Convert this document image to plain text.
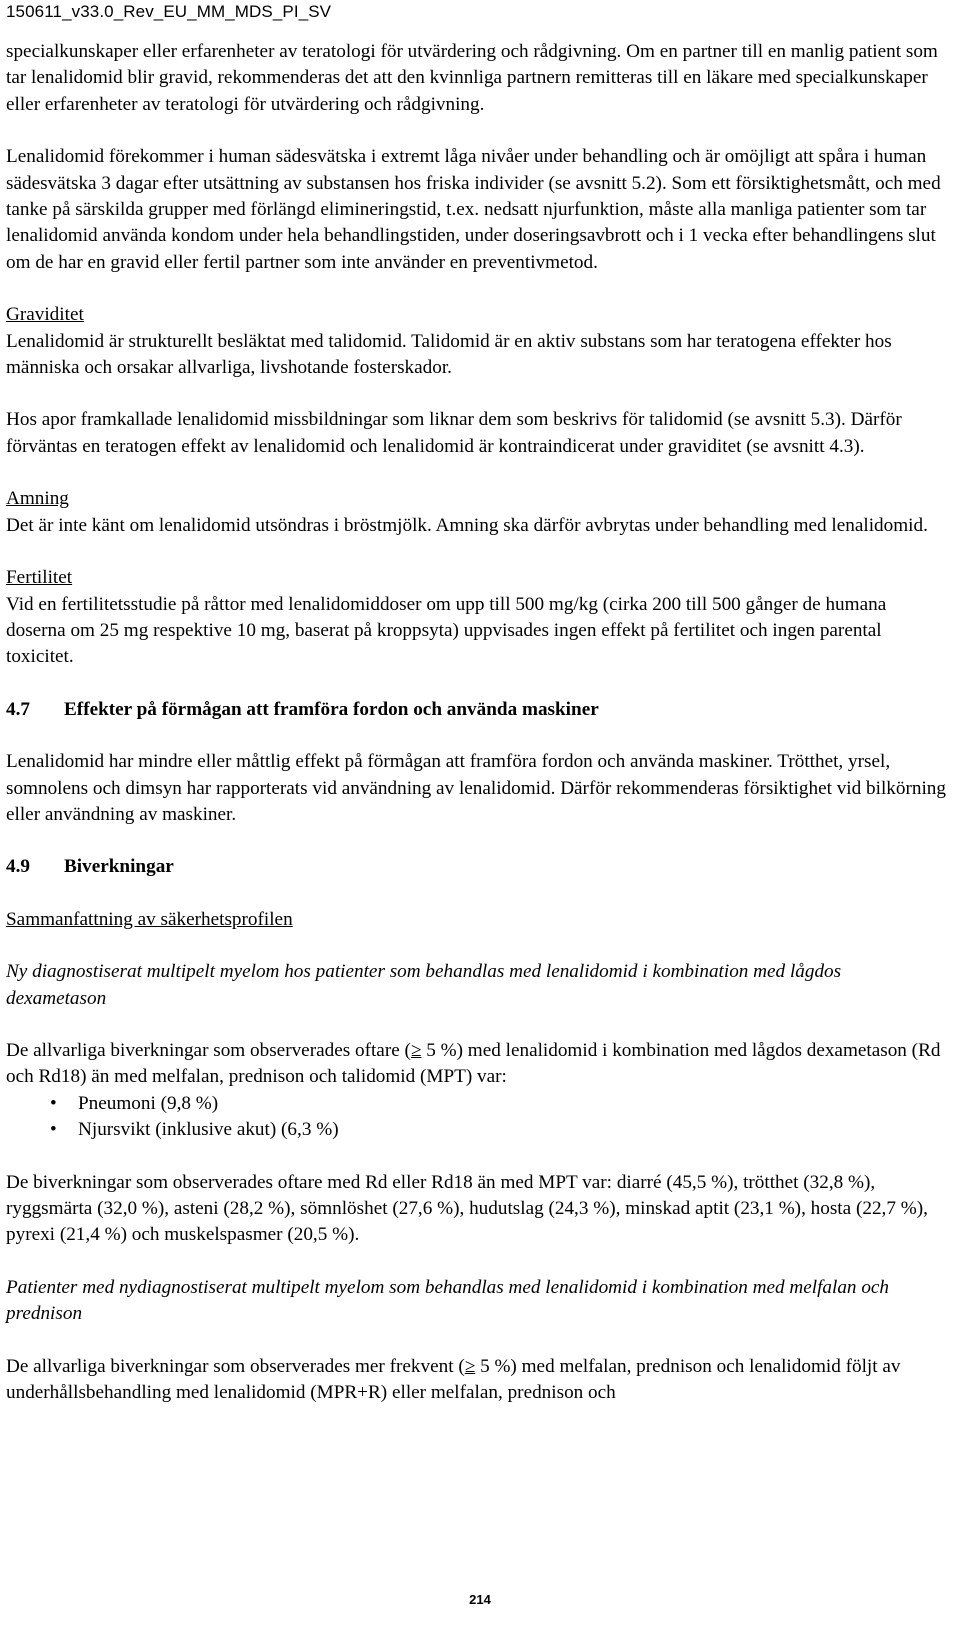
150611_v33.0_Rev_EU_MM_MDS_PI_SV

specialkunskaper eller erfarenheter av teratologi för utvärdering och rådgivning. Om en partner till en manlig patient som tar lenalidomid blir gravid, rekommenderas det att den kvinnliga partnern remitteras till en läkare med specialkunskaper eller erfarenheter av teratologi för utvärdering och rådgivning.

Lenalidomid förekommer i human sädesvätska i extremt låga nivåer under behandling och är omöjligt att spåra i human sädesvätska 3 dagar efter utsättning av substansen hos friska individer (se avsnitt 5.2). Som ett försiktighetsmått, och med tanke på särskilda grupper med förlängd elimineringstid, t.ex. nedsatt njurfunktion, måste alla manliga patienter som tar lenalidomid använda kondom under hela behandlingstiden, under doseringsavbrott och i 1 vecka efter behandlingens slut om de har en gravid eller fertil partner som inte använder en preventivmetod.

Graviditet
Lenalidomid är strukturellt besläktat med talidomid. Talidomid är en aktiv substans som har teratogena effekter hos människa och orsakar allvarliga, livshotande fosterskador.

Hos apor framkallade lenalidomid missbildningar som liknar dem som beskrivs för talidomid (se avsnitt 5.3). Därför förväntas en teratogen effekt av lenalidomid och lenalidomid är kontraindicerat under graviditet (se avsnitt 4.3).

Amning
Det är inte känt om lenalidomid utsöndras i bröstmjölk. Amning ska därför avbrytas under behandling med lenalidomid.

Fertilitet
Vid en fertilitetsstudie på råttor med lenalidomiddoser om upp till 500 mg/kg (cirka 200 till 500 gånger de humana doserna om 25 mg respektive 10 mg, baserat på kroppsyta) uppvisades ingen effekt på fertilitet och ingen parental toxicitet.

4.7 Effekter på förmågan att framföra fordon och använda maskiner

Lenalidomid har mindre eller måttlig effekt på förmågan att framföra fordon och använda maskiner. Trötthet, yrsel, somnolens och dimsyn har rapporterats vid användning av lenalidomid. Därför rekommenderas försiktighet vid bilkörning eller användning av maskiner.

4.9 Biverkningar

Sammanfattning av säkerhetsprofilen

Ny diagnostiserat multipelt myelom hos patienter som behandlas med lenalidomid i kombination med lågdos dexametason

De allvarliga biverkningar som observerades oftare (≥ 5 %) med lenalidomid i kombination med lågdos dexametason (Rd och Rd18) än med melfalan, prednison och talidomid (MPT) var:

• Pneumoni (9,8 %)
• Njursvikt (inklusive akut) (6,3 %)

De biverkningar som observerades oftare med Rd eller Rd18 än med MPT var: diarré (45,5 %), trötthet (32,8 %), ryggsmärta (32,0 %), asteni (28,2 %), sömnlöshet (27,6 %), hudutslag (24,3 %), minskad aptit (23,1 %), hosta (22,7 %), pyrexi (21,4 %) och muskelspasmer (20,5 %).

Patienter med nydiagnostiserat multipelt myelom som behandlas med lenalidomid i kombination med melfalan och prednison

De allvarliga biverkningar som observerades mer frekvent (≥ 5 %) med melfalan, prednison och lenalidomid följt av underhållsbehandling med lenalidomid (MPR+R) eller melfalan, prednison och

214
